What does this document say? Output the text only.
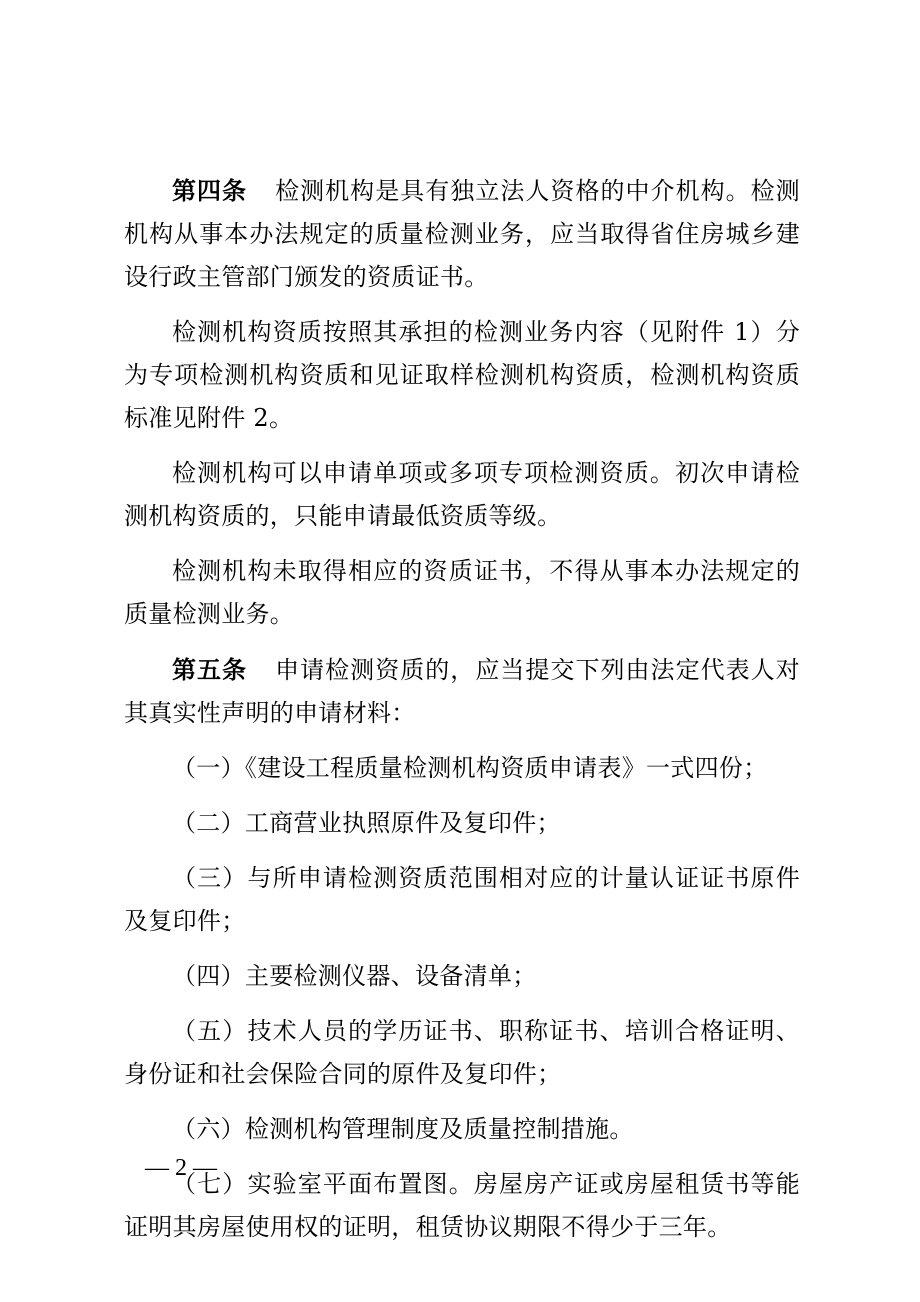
第四条 检测机构是具有独立法人资格的中介机构。检测机构从事本办法规定的质量检测业务，应当取得省住房城乡建设行政主管部门颁发的资质证书。

检测机构资质按照其承担的检测业务内容（见附件 1）分为专项检测机构资质和见证取样检测机构资质，检测机构资质标准见附件 2。

检测机构可以申请单项或多项专项检测资质。初次申请检测机构资质的，只能申请最低资质等级。

检测机构未取得相应的资质证书，不得从事本办法规定的质量检测业务。

第五条 申请检测资质的，应当提交下列由法定代表人对其真实性声明的申请材料：

（一）《建设工程质量检测机构资质申请表》一式四份；

（二）工商营业执照原件及复印件；

（三）与所申请检测资质范围相对应的计量认证证书原件及复印件；

（四）主要检测仪器、设备清单；

（五）技术人员的学历证书、职称证书、培训合格证明、身份证和社会保险合同的原件及复印件；

（六）检测机构管理制度及质量控制措施。

（七）实验室平面布置图。房屋房产证或房屋租赁书等能证明其房屋使用权的证明，租赁协议期限不得少于三年。

— 2 —
